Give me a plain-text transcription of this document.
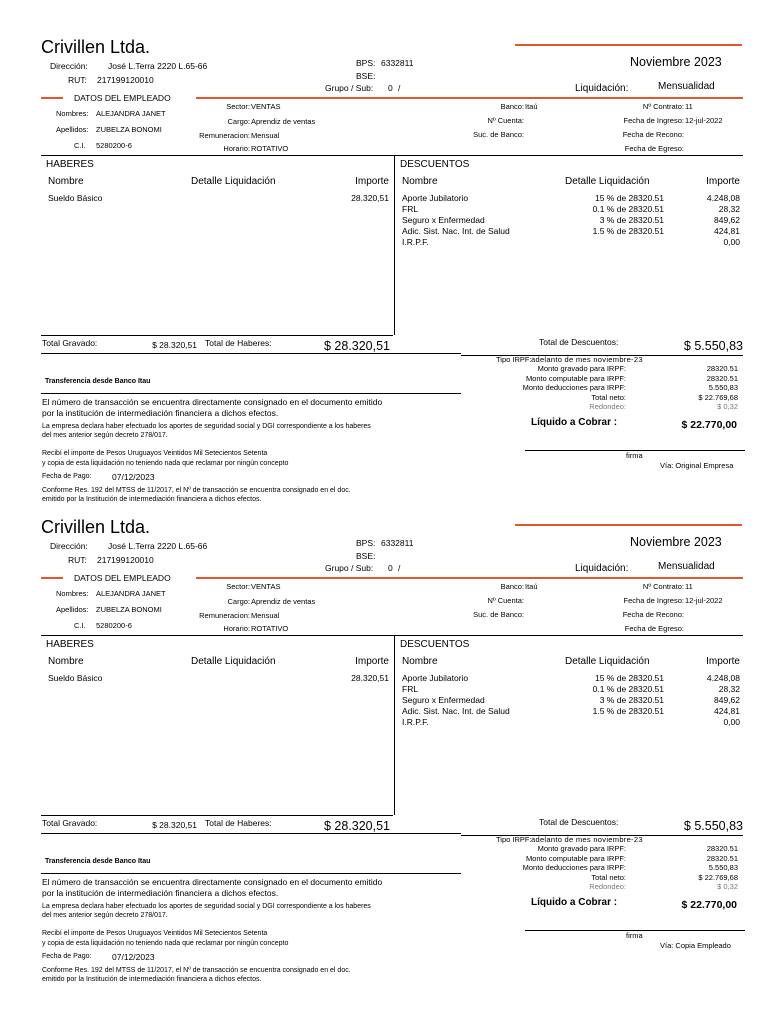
Crivillen Ltda.
Noviembre 2023
Dirección: José L.Terra 2220 L.65-66
RUT: 217199120010
BPS: 6332811
BSE:
Grupo / Sub: 0 /	Liquidación:	Mensualidad
DATOS DEL EMPLEADO
Nombres: ALEJANDRA JANET
Apellidos: ZUBELZA BONOMI
C.I. 5280200-6
Sector: VENTAS
Cargo: Aprendiz de ventas
Remuneracion: Mensual
Horario: ROTATIVO
Banco: Itaú
Nº Cuenta:
Suc. de Banco:
Nº Contrato: 11
Fecha de Ingreso: 12-jul-2022
Fecha de Recono:
Fecha de Egreso:
HABERES
Nombre	Detalle Liquidación	Importe
Sueldo Básico	28.320,51
DESCUENTOS
Nombre	Detalle Liquidación	Importe
Aporte Jubilatorio	15 % de 28320.51	4.248,08
FRL	0.1 % de 28320.51	28,32
Seguro x Enfermedad	3 % de 28320.51	849,62
Adic. Sist. Nac. Int. de Salud	1.5 % de 28320.51	424,81
I.R.P.F.	0,00
Total Gravado:	$ 28.320,51 Total de Haberes:	$ 28.320,51	Total de Descuentos:	$ 5.550,83
Tipo IRPF: adelanto de mes noviembre-23
Monto gravado para IRPF:	28320.51
Monto computable para IRPF:	28320.51
Monto deducciones para IRPF:	5.550,83
Total neto:	$ 22.769,68
Redondeo:	$ 0,32
Líquido a Cobrar :	$ 22.770,00
Transferencia desde Banco Itau
El número de transacción se encuentra directamente consignado en el documento emitido
por la institución de intermediación financiera a dichos efectos.
La empresa declara haber efectuado los aportes de seguridad social y DGI correspondiente a los haberes
del mes anterior según decreto 278/017.
Recibí el importe de Pesos Uruguayos Veintidos Mil Setecientos Setenta
y copia de esta liquidación no teniendo nada que reclamar por ningún concepto
Fecha de Pago: 07/12/2023
Conforme Res. 192 del MTSS de 11/2017, el Nº de transacción se encuentra consignado en el doc.
emitido por la Institución de intermediación financiera a dichos efectos.
firma
Vía: Original Empresa
Crivillen Ltda.
Noviembre 2023
Dirección: José L.Terra 2220 L.65-66
RUT: 217199120010
BPS: 6332811
BSE:
Grupo / Sub: 0 /	Liquidación:	Mensualidad
DATOS DEL EMPLEADO
Nombres: ALEJANDRA JANET
Apellidos: ZUBELZA BONOMI
C.I. 5280200-6
Sector: VENTAS
Cargo: Aprendiz de ventas
Remuneracion: Mensual
Horario: ROTATIVO
Banco: Itaú
Nº Cuenta:
Suc. de Banco:
Nº Contrato: 11
Fecha de Ingreso: 12-jul-2022
Fecha de Recono:
Fecha de Egreso:
HABERES
Nombre	Detalle Liquidación	Importe
Sueldo Básico	28.320,51
DESCUENTOS
Nombre	Detalle Liquidación	Importe
Aporte Jubilatorio	15 % de 28320.51	4.248,08
FRL	0.1 % de 28320.51	28,32
Seguro x Enfermedad	3 % de 28320.51	849,62
Adic. Sist. Nac. Int. de Salud	1.5 % de 28320.51	424,81
I.R.P.F.	0,00
Total Gravado:	$ 28.320,51 Total de Haberes:	$ 28.320,51	Total de Descuentos:	$ 5.550,83
Tipo IRPF: adelanto de mes noviembre-23
Monto gravado para IRPF:	28320.51
Monto computable para IRPF:	28320.51
Monto deducciones para IRPF:	5.550,83
Total neto:	$ 22.769,68
Redondeo:	$ 0,32
Líquido a Cobrar :	$ 22.770,00
Transferencia desde Banco Itau
El número de transacción se encuentra directamente consignado en el documento emitido
por la institución de intermediación financiera a dichos efectos.
La empresa declara haber efectuado los aportes de seguridad social y DGI correspondiente a los haberes
del mes anterior según decreto 278/017.
Recibí el importe de Pesos Uruguayos Veintidos Mil Setecientos Setenta
y copia de esta liquidación no teniendo nada que reclamar por ningún concepto
Fecha de Pago: 07/12/2023
Conforme Res. 192 del MTSS de 11/2017, el Nº de transacción se encuentra consignado en el doc.
emitido por la Institución de intermediación financiera a dichos efectos.
firma
Vía: Copia Empleado
